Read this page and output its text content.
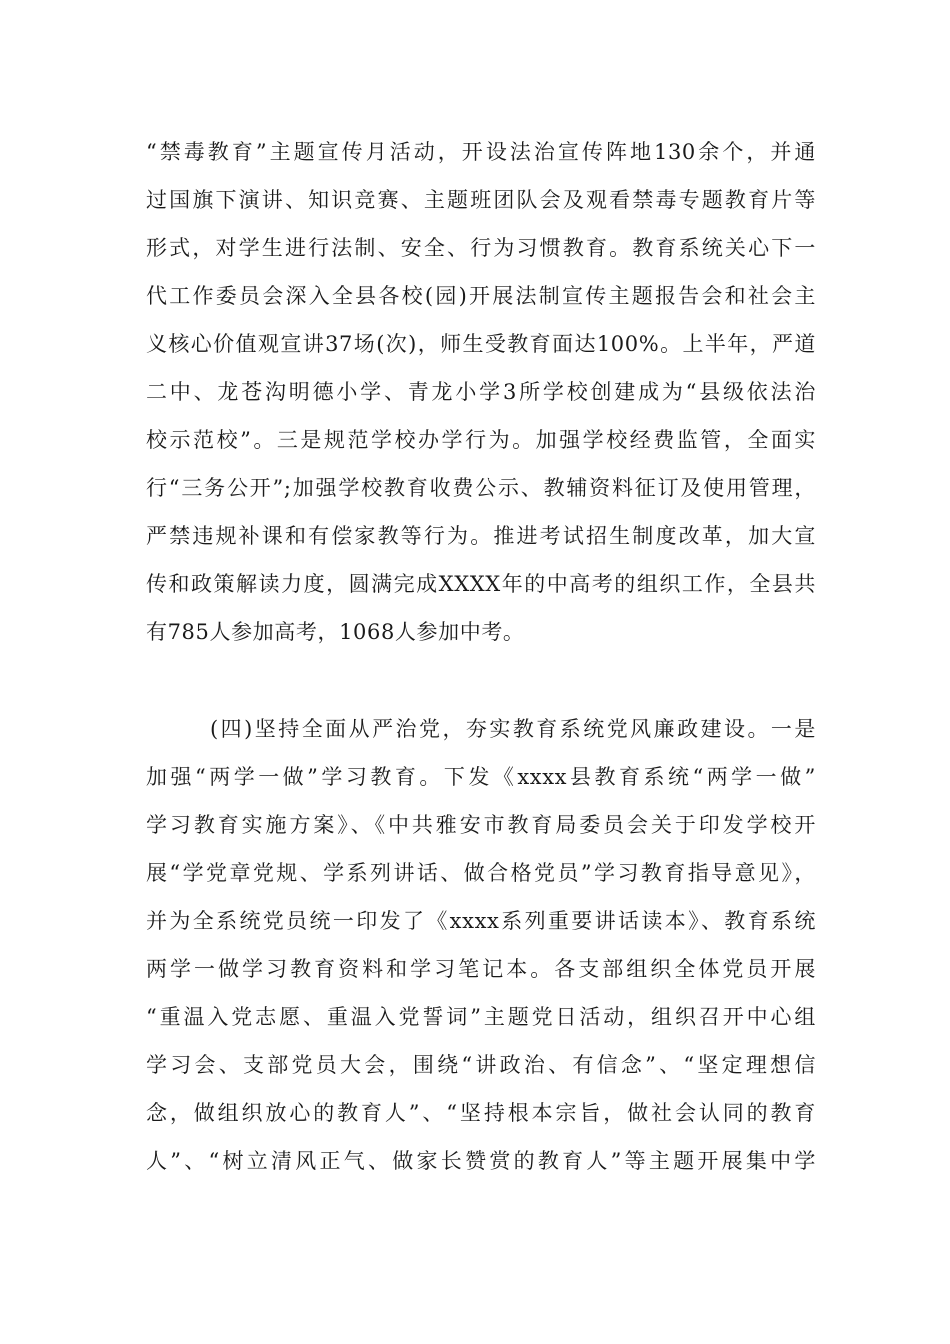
“禁毒教育”主题宣传月活动，开设法治宣传阵地130余个，并通
过国旗下演讲、知识竞赛、主题班团队会及观看禁毒专题教育片等
形式，对学生进行法制、安全、行为习惯教育。教育系统关心下一
代工作委员会深入全县各校(园)开展法制宣传主题报告会和社会主
义核心价值观宣讲37场(次)，师生受教育面达100%。上半年，严道
二中、龙苍沟明德小学、青龙小学3所学校创建成为“县级依法治
校示范校”。三是规范学校办学行为。加强学校经费监管，全面实
行“三务公开”;加强学校教育收费公示、教辅资料征订及使用管理，
严禁违规补课和有偿家教等行为。推进考试招生制度改革，加大宣
传和政策解读力度，圆满完成XXXX年的中高考的组织工作，全县共
有785人参加高考，1068人参加中考。
(四)坚持全面从严治党，夯实教育系统党风廉政建设。一是
加强“两学一做”学习教育。下发《xxxx县教育系统“两学一做”
学习教育实施方案》、《中共雅安市教育局委员会关于印发学校开
展“学党章党规、学系列讲话、做合格党员”学习教育指导意见》，
并为全系统党员统一印发了《xxxx系列重要讲话读本》、教育系统
两学一做学习教育资料和学习笔记本。各支部组织全体党员开展
“重温入党志愿、重温入党誓词”主题党日活动，组织召开中心组
学习会、支部党员大会，围绕“讲政治、有信念”、“坚定理想信
念，做组织放心的教育人”、“坚持根本宗旨，做社会认同的教育
人”、“树立清风正气、做家长赞赏的教育人”等主题开展集中学
